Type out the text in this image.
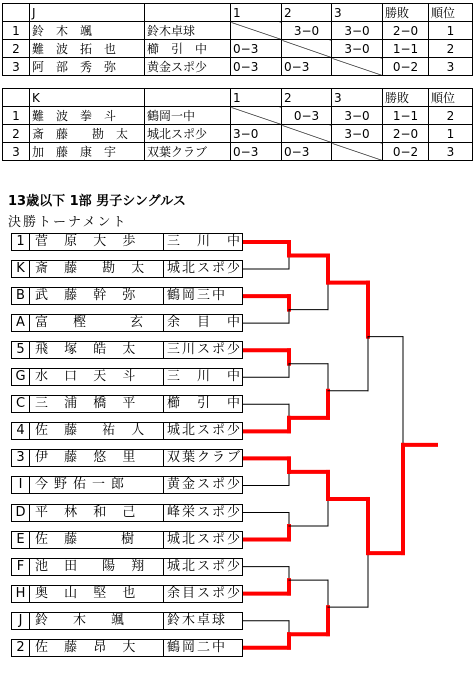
	J		1	2	3	勝敗	順位
1	鈴　木　颯	鈴木卓球		3−0	3−0	2−0	1
2	難　波　拓　也	櫛　引　中	0−3		3−0	1−1	2
3	阿　部　秀　弥	黄金スポ少	0−3	0−3		0−2	3
	K		1	2	3	勝敗	順位
1	難　波　拳　斗	鶴岡一中		0−3	3−0	1−1	2
2	斎　藤　　勘　太	城北スポ少	3−0		3−0	2−0	1
3	加　藤　康　宇	双葉クラブ	0−3	0−3		0−2	3
13歳以下 1部 男子シングルス
決勝トーナメント
1 菅 原 大 歩	三　川　中
K 斎 藤　勘 太	城北スポ少
B 武 藤 幹 弥	鶴岡三中
A 富　樫　　玄	余　目　中
5 飛 塚 皓 太	三川スポ少
G 水 口 天 斗	三　川　中
C 三 浦 橋 平	櫛　引　中
4 佐 藤　祐 人	城北スポ少
3 伊 藤 悠 里	双葉クラブ
I 今野佑一郎	黄金スポ少
D 平 林 和 己	峰栄スポ少
E 佐 藤　　樹	城北スポ少
F 池 田　陽 翔	城北スポ少
H 奥 山 堅 也	余目スポ少
J 鈴　木　颯	鈴木卓球
2 佐 藤 昂 大	鶴岡二中
